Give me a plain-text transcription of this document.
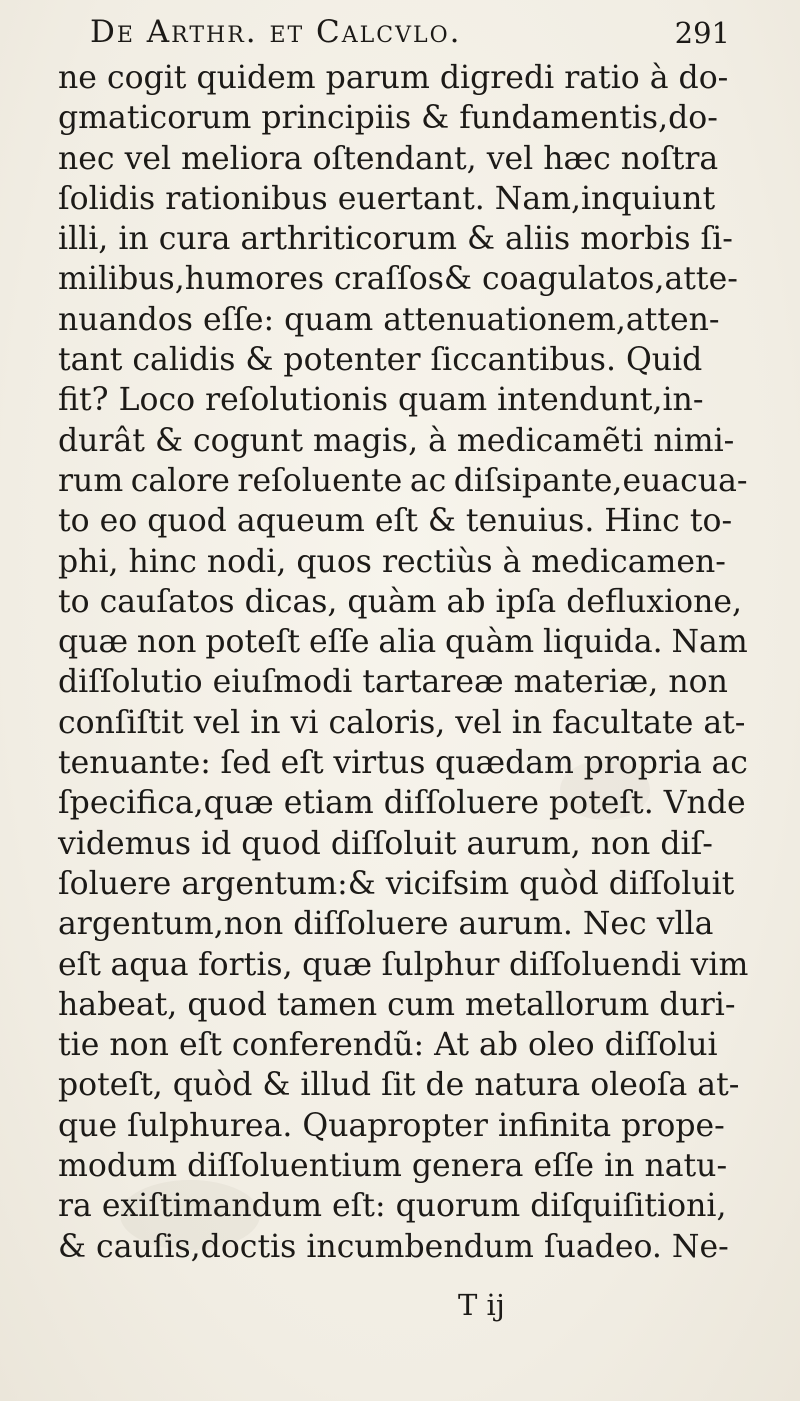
De Arthr. et Calcvlo.	291
ne cogit quidem parum digredi ratio à do-
gmaticorum principiis & fundamentis,do-
nec vel meliora oſtendant, vel hæc noſtra
ſolidis rationibus euertant. Nam,inquiunt
illi, in cura arthriticorum & aliis morbis ſi-
milibus,humores craſſos& coagulatos,atte-
nuandos eſſe: quam attenuationem,atten-
tant calidis & potenter ſiccantibus. Quid
fit? Loco reſolutionis quam intendunt,in-
durât & cogunt magis, à medicamẽti nimi-
rum calore reſoluente ac diſsipante,euacua-
to eo quod aqueum eſt & tenuius. Hinc to-
phi, hinc nodi, quos rectiùs à medicamen-
to cauſatos dicas, quàm ab ipſa defluxione,
quæ non poteſt eſſe alia quàm liquida. Nam
diſſolutio eiuſmodi tartareæ materiæ, non
conſiſtit vel in vi caloris, vel in facultate at-
tenuante: ſed eſt virtus quædam propria ac
ſpecifica,quæ etiam diſſoluere poteſt. Vnde
videmus id quod diſſoluit aurum, non diſ-
ſoluere argentum:& vicifsim quòd diſſoluit
argentum,non diſſoluere aurum. Nec vlla
eſt aqua fortis, quæ ſulphur diſſoluendi vim
habeat, quod tamen cum metallorum duri-
tie non eſt conferendũ: At ab oleo diſſolui
poteſt, quòd & illud ſit de natura oleoſa at-
que ſulphurea. Quapropter infinita prope-
modum diſſoluentium genera eſſe in natu-
ra exiſtimandum eſt: quorum diſquiſitioni,
& cauſis,doctis incumbendum ſuadeo. Ne-
T ij
